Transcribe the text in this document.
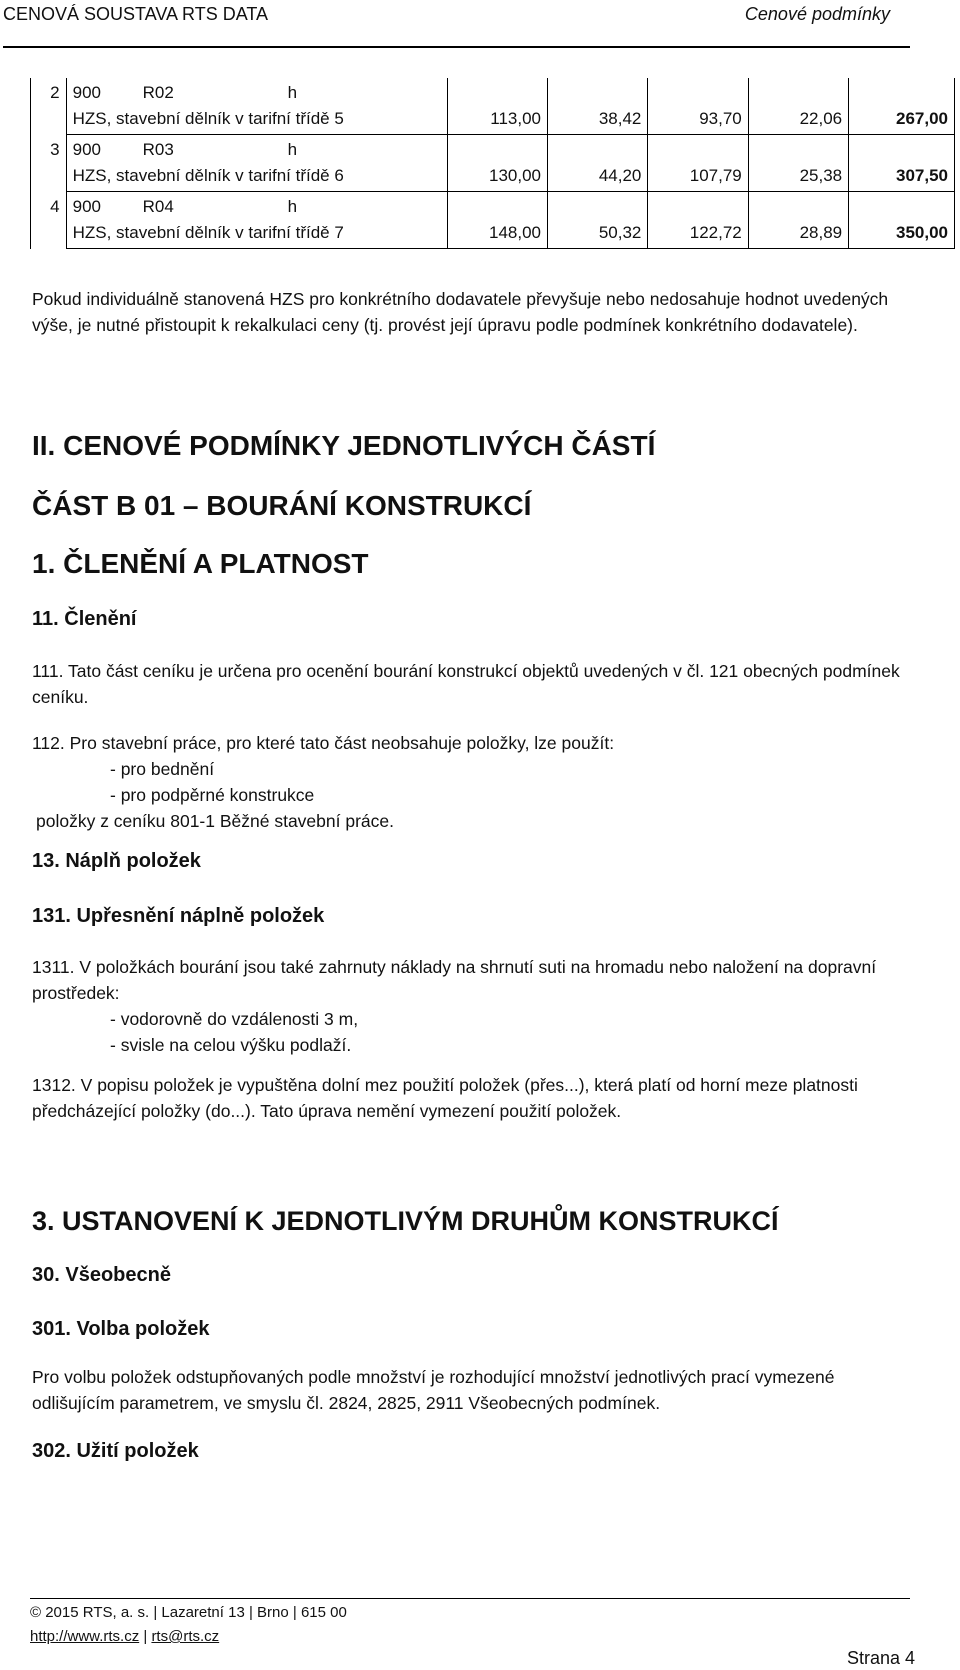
CENOVÁ SOUSTAVA RTS DATA	Cenové podmínky
2	900 R02 h					
	HZS, stavební dělník v tarifní třídě 5	113,00	38,42	93,70	22,06	267,00
3	900 R03 h					
	HZS, stavební dělník v tarifní třídě 6	130,00	44,20	107,79	25,38	307,50
4	900 R04 h					
	HZS, stavební dělník v tarifní třídě 7	148,00	50,32	122,72	28,89	350,00
Pokud individuálně stanovená HZS pro konkrétního dodavatele převyšuje nebo nedosahuje hodnot uvedených výše, je nutné přistoupit k rekalkulaci ceny (tj. provést její úpravu podle podmínek konkrétního dodavatele).
II. CENOVÉ PODMÍNKY JEDNOTLIVÝCH ČÁSTÍ
ČÁST B 01 – BOURÁNÍ KONSTRUKCÍ
1. ČLENĚNÍ A PLATNOST
11. Členění
111. Tato část ceníku je určena pro ocenění bourání konstrukcí objektů uvedených v čl. 121 obecných podmínek ceníku.
112. Pro stavební práce, pro které tato část neobsahuje položky, lze použít:
- pro bednění
- pro podpěrné konstrukce
položky z ceníku 801-1 Běžné stavební práce.
13. Náplň položek
131. Upřesnění náplně položek
1311. V položkách bourání jsou také zahrnuty náklady na shrnutí suti na hromadu nebo naložení na dopravní prostředek:
- vodorovně do vzdálenosti 3 m,
- svisle na celou výšku podlaží.
1312. V popisu položek je vypuštěna dolní mez použití položek (přes...), která platí od horní meze platnosti předcházející položky (do...). Tato úprava nemění vymezení použití položek.
3. USTANOVENÍ K JEDNOTLIVÝM DRUHŮM KONSTRUKCÍ
30. Všeobecně
301. Volba položek
Pro volbu položek odstupňovaných podle množství je rozhodující množství jednotlivých prací vymezené odlišujícím parametrem, ve smyslu čl. 2824, 2825, 2911 Všeobecných podmínek.
302. Užití položek
© 2015 RTS, a. s. | Lazaretní 13 | Brno | 615 00
http://www.rts.cz | rts@rts.cz
Strana 4
